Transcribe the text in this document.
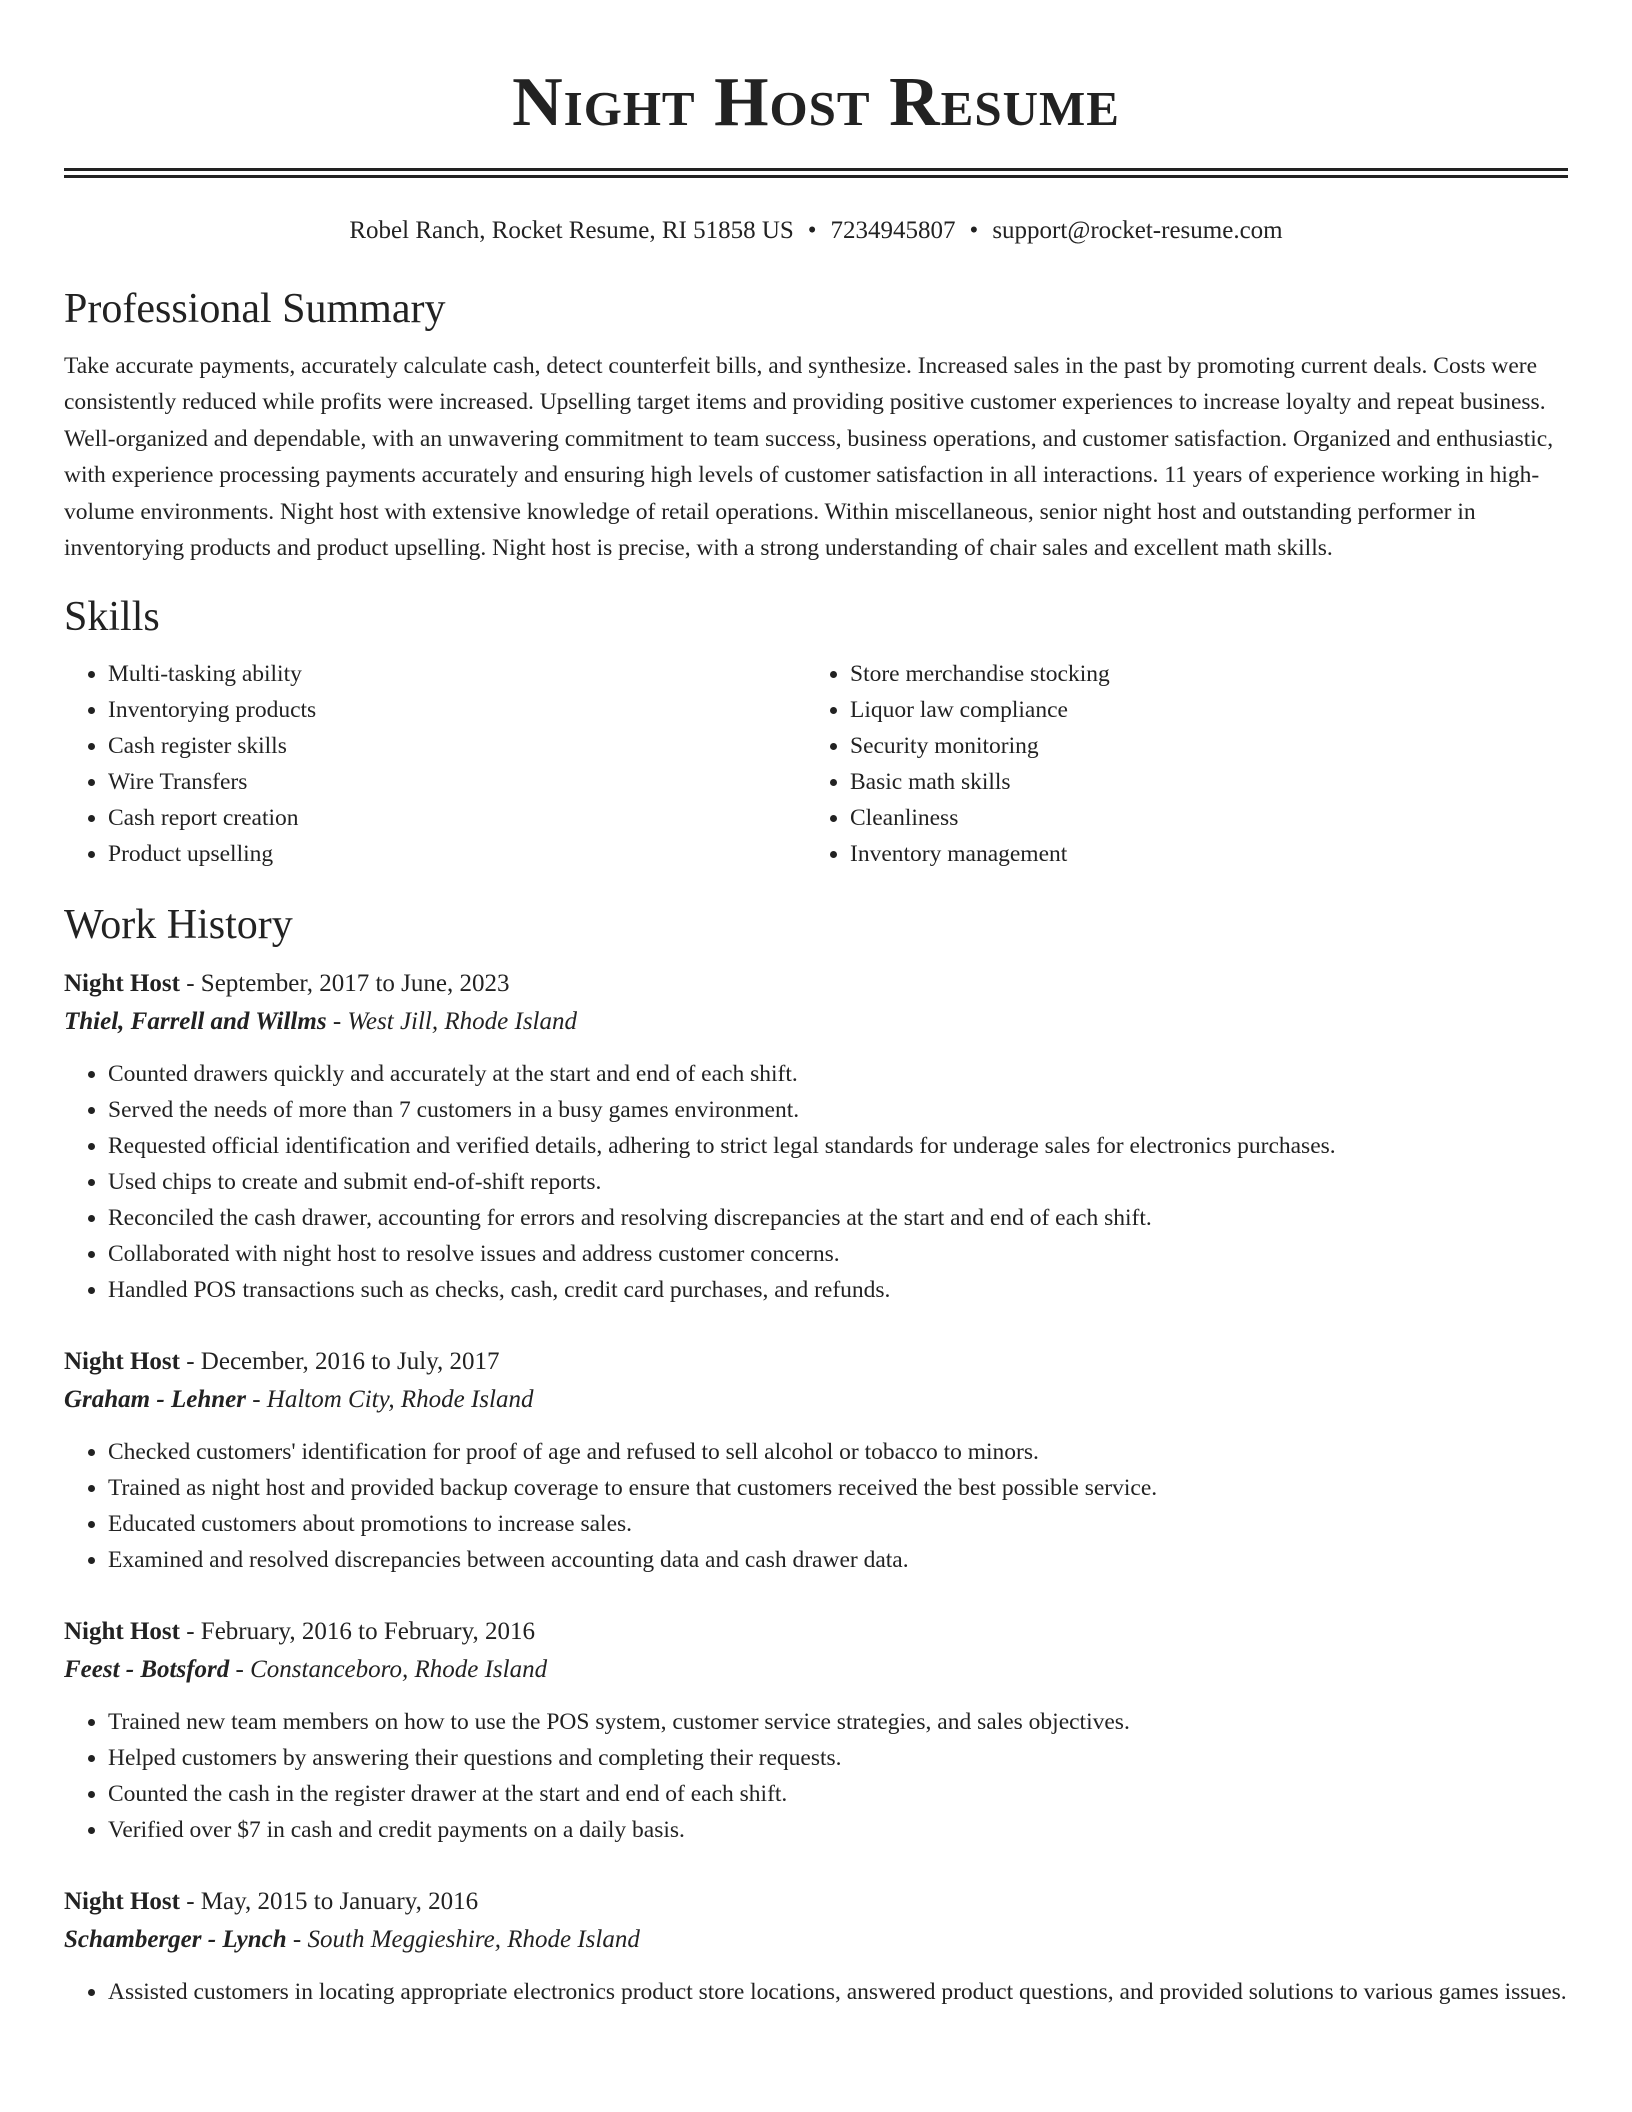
Night Host Resume
Robel Ranch, Rocket Resume, RI 51858 US • 7234945807 • support@rocket-resume.com
Professional Summary

Take accurate payments, accurately calculate cash, detect counterfeit bills, and synthesize. Increased sales in the past by promoting current deals. Costs were consistently reduced while profits were increased. Upselling target items and providing positive customer experiences to increase loyalty and repeat business. Well-organized and dependable, with an unwavering commitment to team success, business operations, and customer satisfaction. Organized and enthusiastic, with experience processing payments accurately and ensuring high levels of customer satisfaction in all interactions. 11 years of experience working in high-volume environments. Night host with extensive knowledge of retail operations. Within miscellaneous, senior night host and outstanding performer in inventorying products and product upselling. Night host is precise, with a strong understanding of chair sales and excellent math skills.

Skills
• Multi-tasking ability
• Inventorying products
• Cash register skills
• Wire Transfers
• Cash report creation
• Product upselling
• Store merchandise stocking
• Liquor law compliance
• Security monitoring
• Basic math skills
• Cleanliness
• Inventory management
Work History
Night Host - September, 2017 to June, 2023
Thiel, Farrell and Willms - West Jill, Rhode Island
• Counted drawers quickly and accurately at the start and end of each shift.
• Served the needs of more than 7 customers in a busy games environment.
• Requested official identification and verified details, adhering to strict legal standards for underage sales for electronics purchases.
• Used chips to create and submit end-of-shift reports.
• Reconciled the cash drawer, accounting for errors and resolving discrepancies at the start and end of each shift.
• Collaborated with night host to resolve issues and address customer concerns.
• Handled POS transactions such as checks, cash, credit card purchases, and refunds.
Night Host - December, 2016 to July, 2017
Graham - Lehner - Haltom City, Rhode Island
• Checked customers' identification for proof of age and refused to sell alcohol or tobacco to minors.
• Trained as night host and provided backup coverage to ensure that customers received the best possible service.
• Educated customers about promotions to increase sales.
• Examined and resolved discrepancies between accounting data and cash drawer data.
Night Host - February, 2016 to February, 2016
Feest - Botsford - Constanceboro, Rhode Island
• Trained new team members on how to use the POS system, customer service strategies, and sales objectives.
• Helped customers by answering their questions and completing their requests.
• Counted the cash in the register drawer at the start and end of each shift.
• Verified over $7 in cash and credit payments on a daily basis.
Night Host - May, 2015 to January, 2016
Schamberger - Lynch - South Meggieshire, Rhode Island
• Assisted customers in locating appropriate electronics product store locations, answered product questions, and provided solutions to various games issues.
